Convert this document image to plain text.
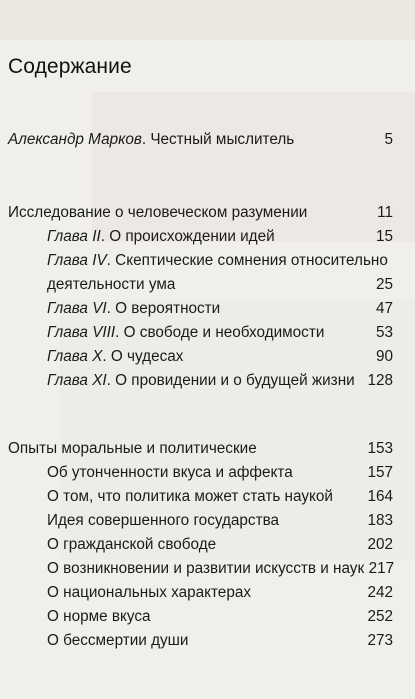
Содержание
Александр Марков. Честный мыслитель	5
Исследование о человеческом разумении	11
Глава II. О происхождении идей	15
Глава IV. Скептические сомнения относительно
деятельности ума	25
Глава VI. О вероятности	47
Глава VIII. О свободе и необходимости	53
Глава X. О чудесах	90
Глава XI. О провидении и о будущей жизни 128
Опыты моральные и политические	153
Об утонченности вкуса и аффекта	157
О том, что политика может стать наукой 164
Идея совершенного государства	183
О гражданской свободе	202
О возникновении и развитии искусств и наук 217
О национальных характерах	242
О норме вкуса	252
О бессмертии души	273
